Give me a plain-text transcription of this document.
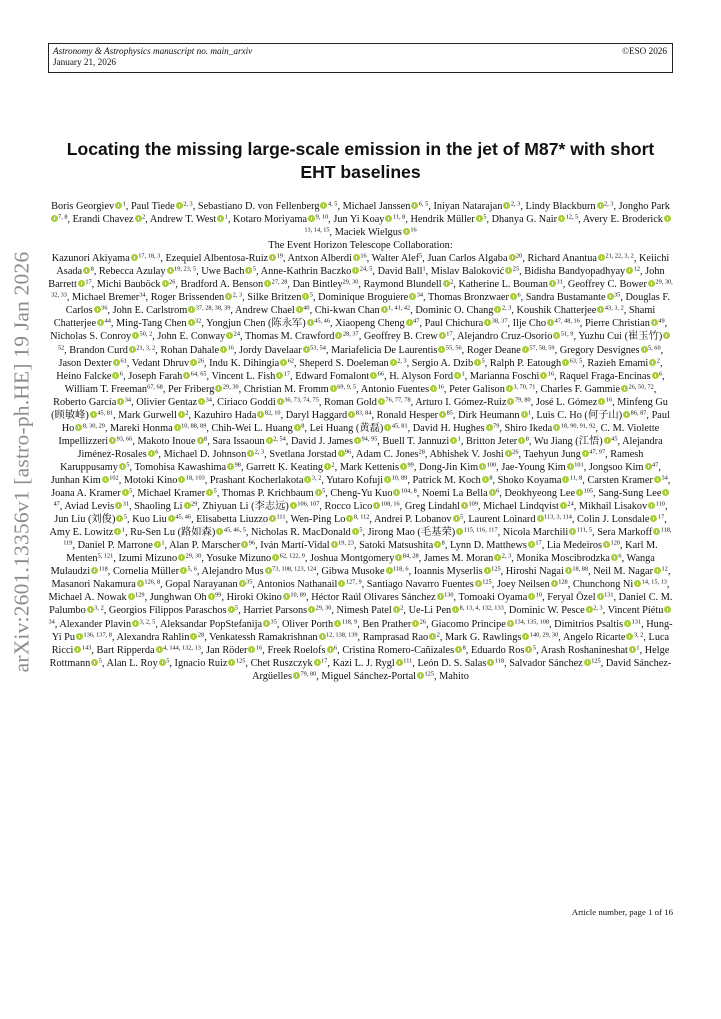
Astronomy & Astrophysics manuscript no. main_arxiv
January 21, 2026
©ESO 2026
arXiv:2601.13356v1 [astro-ph.HE] 19 Jan 2026
Locating the missing large-scale emission in the jet of M87* with short EHT baselines
Boris Georgiev $^1$, Paul Tiede $^{2, 3}$, Sebastiano D. von Fellenberg $^{4, 5}$, Michael Janssen $^{6, 5}$, Iniyan Natarajan $^{2, 3}$, Lindy Blackburn $^{2, 3}$, Jongho Park$^{7, 8}$, Erandi Chavez $^2$, Andrew T. West $^1$, Kotaro Moriyama $^{9, 10}$, Jun Yi Koay $^{11, 8}$, Hendrik Müller $^5$, Dhanya G. Nair $^{12, 5}$, Avery E. Broderick$^{13, 14, 15}$, Maciek Wielgus $^{16}$
The Event Horizon Telescope Collaboration:
Kazunori Akiyama $^{17, 18, 3}$, Ezequiel Albentosa-Ruíz $^{19}$, Antxon Alberdi $^{16}$, Walter Alef$^5$, Juan Carlos Algaba $^{20}$, Richard Anantua $^{21, 22, 3, 2}$, Keiichi Asada $^8$, Rebecca Azulay $^{19, 23, 5}$, Uwe Bach $^5$, Anne-Kathrin Baczko $^{24, 5}$, David Ball$^1$, Mislav Baloković $^{25}$, Bidisha Bandyopadhyay $^{12}$, John Barrett $^{17}$, Michi Bauböck $^{26}$, Bradford A. Benson $^{27, 28}$, Dan Bintley$^{29, 30}$, Raymond Blundell $^2$, Katherine L. Bouman $^{31}$, Geoffrey C. Bower $^{29, 30, 32, 33}$, Michael Bremer$^{34}$, Roger Brissenden $^{2, 3}$, Silke Britzen $^5$, Dominique Broguiere $^{34}$, Thomas Bronzwaer $^6$, Sandra Bustamante $^{35}$, Douglas F. Carlos $^{36}$, John E. Carlstrom $^{37, 28, 38, 39}$, Andrew Chael $^{40}$, Chi-kwan Chan $^{1, 41, 42}$, Dominic O. Chang $^{2, 3}$, Koushik Chatterjee $^{43, 3, 2}$, Shami Chatterjee $^{44}$, Ming-Tang Chen $^{32}$, Yongjun Chen (陈永军) $^{45, 46}$, Xiaopeng Cheng $^{47}$, Paul Chichura $^{38, 37}$, Ilje Cho $^{47, 48, 16}$, Pierre Christian $^{49}$, Nicholas S. Conroy $^{50, 2}$, John E. Conway $^{24}$, Thomas M. Crawford $^{28, 37}$, Geoffrey B. Crew $^{17}$, Alejandro Cruz-Osorio $^{51, 9}$, Yuzhu Cui (崔玉竹)$^{52}$, Brandon Curd $^{21, 3, 2}$, Rohan Dahale $^{16}$, Jordy Davelaar $^{53, 54}$, Mariafelicia De Laurentis $^{55, 56}$, Roger Deane $^{57, 58, 59}$, Gregory Desvignes $^{5, 60}$, Jason Dexter $^{61}$, Vedant Dhruv $^{26}$, Indu K. Dihingia $^{62}$, Sheperd S. Doeleman $^{2, 3}$, Sergio A. Dzib $^5$, Ralph P. Eatough $^{63, 5}$, Razieh Emami $^2$, Heino Falcke $^6$, Joseph Farah $^{64, 65}$, Vincent L. Fish $^{17}$, Edward Fomalont $^{66}$, H. Alyson Ford $^1$, Marianna Foschi $^{16}$, Raquel Fraga-Encinas $^6$, William T. Freeman$^{67, 68}$, Per Friberg $^{29, 30}$, Christian M. Fromm $^{69, 9, 5}$, Antonio Fuentes $^{16}$, Peter Galison $^{3, 70, 71}$, Charles F. Gammie $^{26, 50, 72}$, Roberto García $^{34}$, Olivier Gentaz $^{34}$, Ciriaco Goddi $^{36, 73, 74, 75}$, Roman Gold $^{76, 77, 78}$, Arturo I. Gómez-Ruiz $^{79, 80}$, José L. Gómez $^{16}$, Minfeng Gu (顾敏峰) $^{45, 81}$, Mark Gurwell $^2$, Kazuhiro Hada $^{82, 10}$, Daryl Haggard $^{83, 84}$, Ronald Hesper $^{85}$, Dirk Heumann $^1$, Luis C. Ho (何子山) $^{86, 87}$, Paul Ho $^{8, 30, 29}$, Mareki Honma $^{10, 88, 89}$, Chih-Wei L. Huang $^8$, Lei Huang (黄磊) $^{45, 81}$, David H. Hughes $^{79}$, Shiro Ikeda $^{18, 90, 91, 92}$, C. M. Violette Impellizzeri $^{93, 66}$, Makoto Inoue $^8$, Sara Issaoun $^{2, 54}$, David J. James $^{94, 95}$, Buell T. Jannuzi $^1$, Britton Jeter $^8$, Wu Jiang (江悟) $^{45}$, Alejandra Jiménez-Rosales $^6$, Michael D. Johnson $^{2, 3}$, Svetlana Jorstad $^{96}$, Adam C. Jones$^{28}$, Abhishek V. Joshi $^{26}$, Taehyun Jung $^{47, 97}$, Ramesh Karuppusamy $^5$, Tomohisa Kawashima $^{98}$, Garrett K. Keating $^2$, Mark Kettenis $^{99}$, Dong-Jin Kim $^{100}$, Jae-Young Kim $^{101}$, Jongsoo Kim $^{47}$, Junhan Kim $^{102}$, Motoki Kino $^{18, 103}$, Prashant Kocherlakota $^{3, 2}$, Yutaro Kofuji $^{10, 89}$, Patrick M. Koch $^8$, Shoko Koyama $^{11, 8}$, Carsten Kramer $^{34}$, Joana A. Kramer $^5$, Michael Kramer $^5$, Thomas P. Krichbaum $^5$, Cheng-Yu Kuo $^{104, 8}$, Noemi La Bella $^6$, Deokhyeong Lee $^{105}$, Sang-Sung Lee$^{47}$, Aviad Levis $^{31}$, Shaoling Li $^{29}$, Zhiyuan Li (李志远) $^{106, 107}$, Rocco Lico $^{108, 16}$, Greg Lindahl $^{109}$, Michael Lindqvist $^{24}$, Mikhail Lisakov $^{110}$, Jun Liu (刘俊) $^5$, Kuo Liu $^{45, 46}$, Elisabetta Liuzzo $^{111}$, Wen-Ping Lo $^{8, 112}$, Andrei P. Lobanov $^5$, Laurent Loinard $^{113, 3, 114}$, Colin J. Lonsdale $^{17}$, Amy E. Lowitz $^1$, Ru-Sen Lu (路如森) $^{45, 46, 5}$, Nicholas R. MacDonald $^5$, Jirong Mao (毛基荣) $^{115, 116, 117}$, Nicola Marchili $^{111, 5}$, Sera Markoff $^{118, 119}$, Daniel P. Marrone $^1$, Alan P. Marscher $^{96}$, Iván Martí-Vidal $^{19, 23}$, Satoki Matsushita $^8$, Lynn D. Matthews $^{17}$, Lia Medeiros $^{120}$, Karl M. Menten$^{5, 121}$, Izumi Mizuno $^{29, 30}$, Yosuke Mizuno $^{62, 122, 9}$, Joshua Montgomery $^{84, 28}$, James M. Moran $^{2, 3}$, Monika Moscibrodzka $^6$, Wanga Mulaudzi $^{118}$, Cornelia Müller $^{5, 6}$, Alejandro Mus $^{73, 108, 123, 124}$, Gibwa Musoke $^{118, 6}$, Ioannis Myserlis $^{125}$, Hiroshi Nagai $^{18, 88}$, Neil M. Nagar $^{12}$, Masanori Nakamura $^{126, 8}$, Gopal Narayanan $^{35}$, Antonios Nathanail $^{127, 9}$, Santiago Navarro Fuentes $^{125}$, Joey Neilsen $^{128}$, Chunchong Ni $^{14, 15, 13}$, Michael A. Nowak $^{129}$, Junghwan Oh $^{99}$, Hiroki Okino $^{10, 89}$, Héctor Raúl Olivares Sánchez $^{130}$, Tomoaki Oyama $^{10}$, Feryal Özel $^{131}$, Daniel C. M. Palumbo $^{3, 2}$, Georgios Filippos Paraschos $^5$, Harriet Parsons $^{29, 30}$, Nimesh Patel $^2$, Ue-Li Pen $^{8, 13, 4, 132, 133}$, Dominic W. Pesce $^{2, 3}$, Vincent Piétu$^{34}$, Alexander Plavin $^{3, 2, 5}$, Aleksandar PopStefanija $^{35}$, Oliver Porth $^{118, 9}$, Ben Prather $^{26}$, Giacomo Principe $^{134, 135, 108}$, Dimitrios Psaltis $^{131}$, Hung-Yi Pu $^{136, 137, 8}$, Alexandra Rahlin $^{28}$, Venkatessh Ramakrishnan $^{12, 138, 139}$, Ramprasad Rao $^2$, Mark G. Rawlings $^{140, 29, 30}$, Angelo Ricarte $^{3, 2}$, Luca Ricci $^{143}$, Bart Ripperda $^{4, 144, 132, 13}$, Jan Röder $^{16}$, Freek Roelofs $^6$, Cristina Romero-Cañizales $^8$, Eduardo Ros $^5$, Arash Roshanineshat $^1$, Helge Rottmann $^5$, Alan L. Roy $^5$, Ignacio Ruiz $^{125}$, Chet Ruszczyk $^{17}$, Kazi L. J. Rygl $^{111}$, León D. S. Salas $^{118}$, Salvador Sánchez $^{125}$, David Sánchez-Argüelles $^{79, 80}$, Miguel Sánchez-Portal $^{125}$, Mahito
Article number, page 1 of 16
